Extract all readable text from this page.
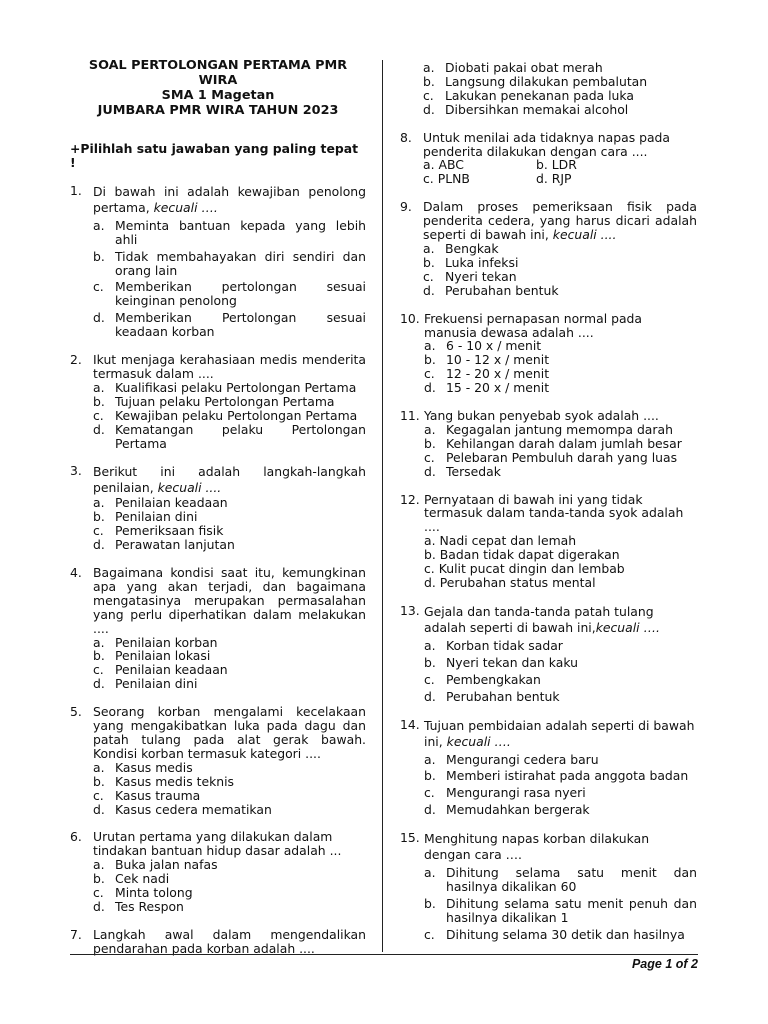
SOAL PERTOLONGAN PERTAMA PMR WIRA
SMA 1 Magetan
JUMBARA PMR WIRA TAHUN 2023
+Pilihlah satu jawaban yang paling tepat !
1. Di bawah ini adalah kewajiban penolong pertama, kecuali ….
a. Meminta bantuan kepada yang lebih ahli
b. Tidak membahayakan diri sendiri dan orang lain
c. Memberikan pertolongan sesuai keinginan penolong
d. Memberikan Pertolongan sesuai keadaan korban
2. Ikut menjaga kerahasiaan medis menderita termasuk dalam ....
a. Kualifikasi pelaku Pertolongan Pertama
b. Tujuan pelaku Pertolongan Pertama
c. Kewajiban pelaku Pertolongan Pertama
d. Kematangan pelaku Pertolongan Pertama
3. Berikut ini adalah langkah-langkah penilaian, kecuali ....
a. Penilaian keadaan
b. Penilaian dini
c. Pemeriksaan fisik
d. Perawatan lanjutan
4. Bagaimana kondisi saat itu, kemungkinan apa yang akan terjadi, dan bagaimana mengatasinya merupakan permasalahan yang perlu diperhatikan dalam melakukan ....
a. Penilaian korban
b. Penilaian lokasi
c. Penilaian keadaan
d. Penilaian dini
5. Seorang korban mengalami kecelakaan yang mengakibatkan luka pada dagu dan patah tulang pada alat gerak bawah. Kondisi korban termasuk kategori ....
a. Kasus medis
b. Kasus medis teknis
c. Kasus trauma
d. Kasus cedera mematikan
6. Urutan pertama yang dilakukan dalam tindakan bantuan hidup dasar adalah ...
a. Buka jalan nafas
b. Cek nadi
c. Minta tolong
d. Tes Respon
7. Langkah awal dalam mengendalikan pendarahan pada korban adalah ....
a. Diobati pakai obat merah
b. Langsung dilakukan pembalutan
c. Lakukan penekanan pada luka
d. Dibersihkan memakai alcohol
8. Untuk menilai ada tidaknya napas pada penderita dilakukan dengan cara ....
a. ABC	b. LDR
c. PLNB	d. RJP
9. Dalam proses pemeriksaan fisik pada penderita cedera, yang harus dicari adalah seperti di bawah ini, kecuali ....
a. Bengkak
b. Luka infeksi
c. Nyeri tekan
d. Perubahan bentuk
10. Frekuensi pernapasan normal pada manusia dewasa adalah ....
a. 6 - 10 x / menit
b. 10 - 12 x / menit
c. 12 - 20 x / menit
d. 15 - 20 x / menit
11. Yang bukan penyebab syok adalah ....
a. Kegagalan jantung memompa darah
b. Kehilangan darah dalam jumlah besar
c. Pelebaran Pembuluh darah yang luas
d. Tersedak
12. Pernyataan di bawah ini yang tidak termasuk dalam tanda-tanda syok adalah ....
a. Nadi cepat dan lemah
b. Badan tidak dapat digerakan
c. Kulit pucat dingin dan lembab
d. Perubahan status mental
13. Gejala dan tanda-tanda patah tulang adalah seperti di bawah ini,kecuali ….
a. Korban tidak sadar
b. Nyeri tekan dan kaku
c. Pembengkakan
d. Perubahan bentuk
14. Tujuan pembidaian adalah seperti di bawah ini, kecuali ….
a. Mengurangi cedera baru
b. Memberi istirahat pada anggota badan
c. Mengurangi rasa nyeri
d. Memudahkan bergerak
15. Menghitung napas korban dilakukan dengan cara ….
a. Dihitung selama satu menit dan hasilnya dikalikan 60
b. Dihitung selama satu menit penuh dan hasilnya dikalikan 1
c. Dihitung selama 30 detik dan hasilnya
Page 1 of 2
